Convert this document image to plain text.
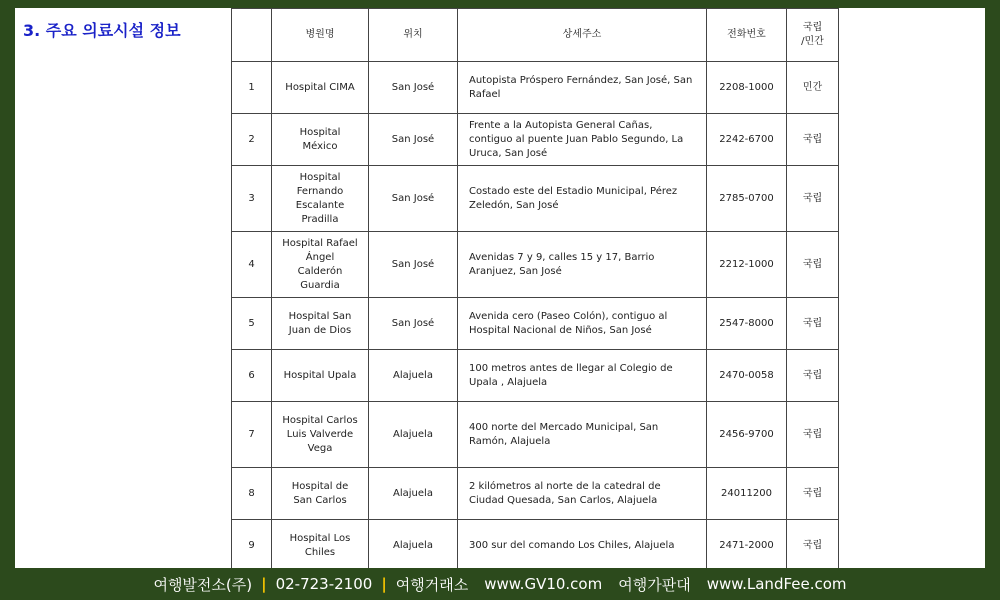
3. 주요 의료시설 정보
		병원명	위치	상세주소	전화번호	국립
/민간
1	Hospital CIMA	San José	Autopista Próspero Fernández, San José, San Rafael	2208-1000	민간
2	Hospital México	San José	Frente a la Autopista General Cañas, contiguo al puente Juan Pablo Segundo, La Uruca, San José	2242-6700	국립
3	Hospital Fernando Escalante Pradilla	San José	Costado este del Estadio Municipal, Pérez Zeledón, San José	2785-0700	국립
4	Hospital Rafael Ángel Calderón Guardia	San José	Avenidas 7 y 9, calles 15 y 17, Barrio Aranjuez, San José	2212-1000	국립
5	Hospital San Juan de Dios	San José	Avenida cero (Paseo Colón), contiguo al Hospital Nacional de Niños, San José	2547-8000	국립
6	Hospital Upala	Alajuela	100 metros antes de llegar al Colegio de Upala , Alajuela	2470-0058	국립
7	Hospital Carlos Luis Valverde Vega	Alajuela	400 norte del Mercado Municipal, San Ramón, Alajuela	2456-9700	국립
8	Hospital de San Carlos	Alajuela	2 kilómetros al norte de la catedral de Ciudad Quesada, San Carlos, Alajuela	24011200	국립
9	Hospital Los Chiles	Alajuela	300 sur del comando Los Chiles, Alajuela	2471-2000	국립
여행발전소(주) | 02-723-2100 | 여행거래소 www.GV10.com 여행가판대 www.LandFee.com
